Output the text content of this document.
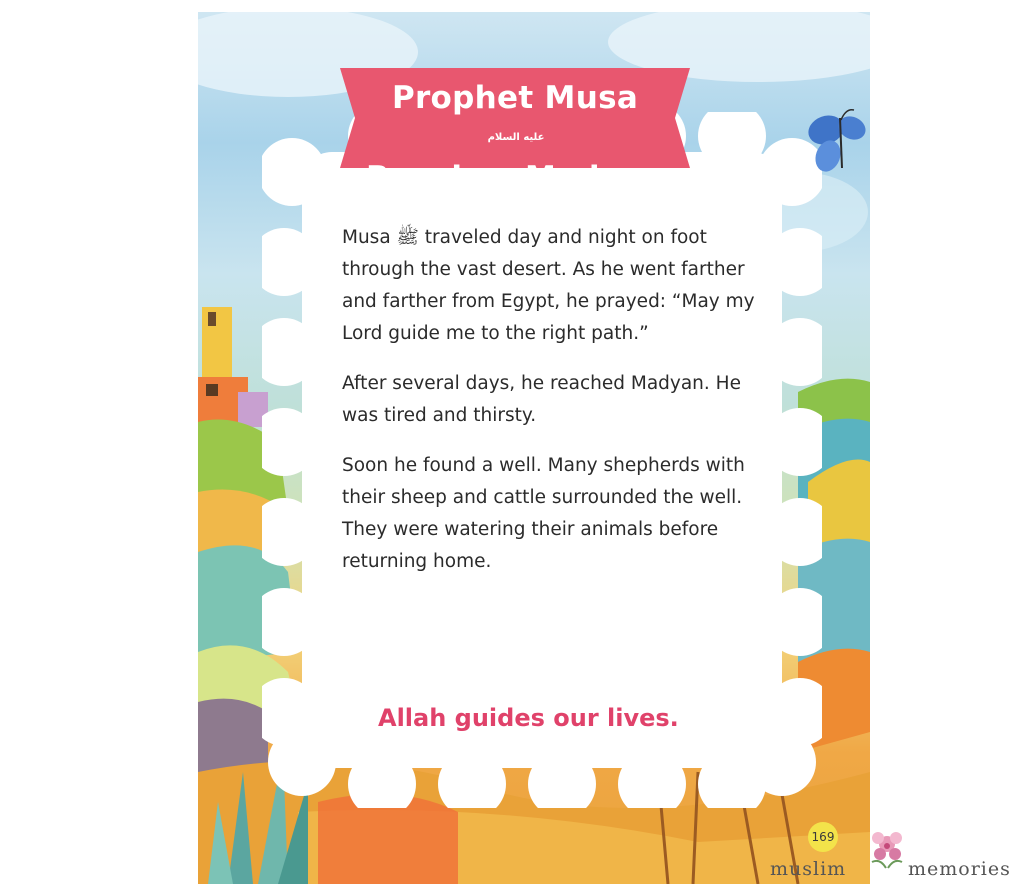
Prophet Musa
عليه السلام
Reaches Madyan

Musa ﷺ traveled day and night on foot through the vast desert. As he went farther and farther from Egypt, he prayed: “May my Lord guide me to the right path.”

After several days, he reached Madyan. He was tired and thirsty.

Soon he found a well. Many shepherds with their sheep and cattle surrounded the well. They were watering their animals before returning home.

Allah guides our lives.
169
muslim	memories
